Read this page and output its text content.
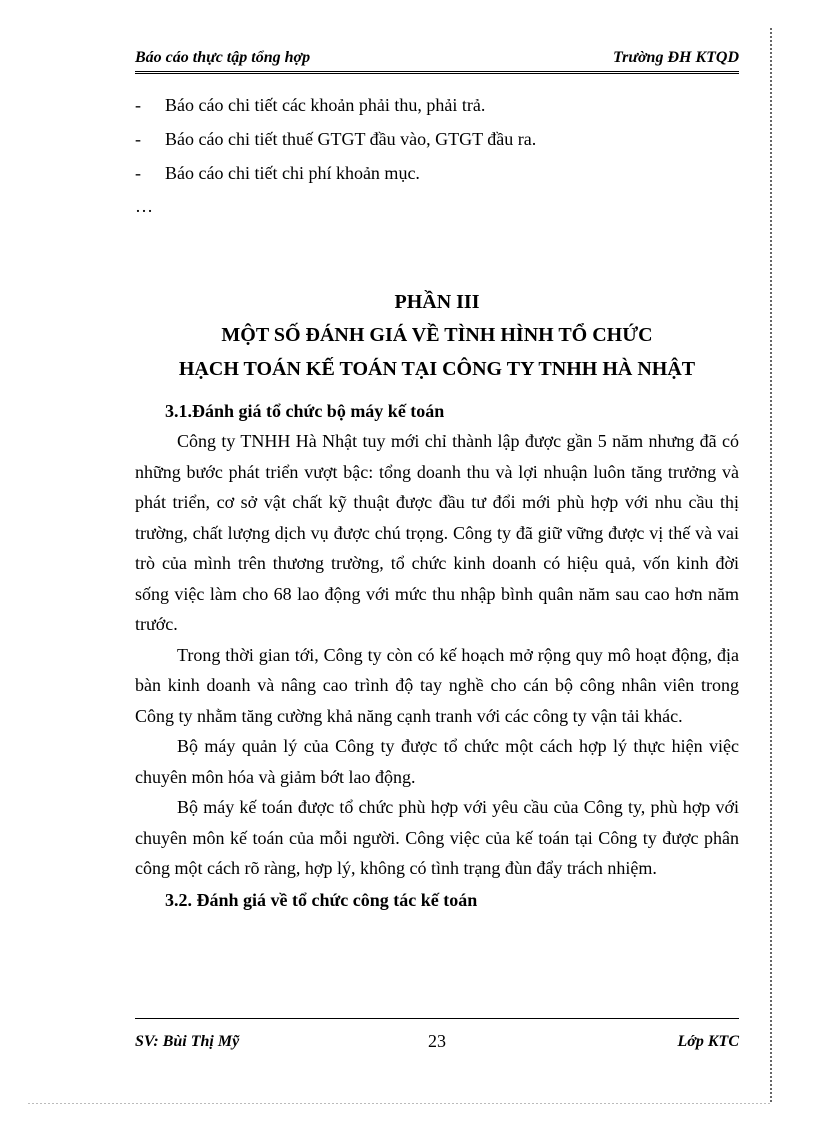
Báo cáo thực tập tổng hợp	Trường ĐH KTQD
- Báo cáo chi tiết các khoản phải thu, phải trả.
- Báo cáo chi tiết thuế GTGT đầu vào, GTGT đầu ra.
- Báo cáo chi tiết chi phí khoản mục.
…
PHẦN III
MỘT SỐ ĐÁNH GIÁ VỀ TÌNH HÌNH TỔ CHỨC
HẠCH TOÁN KẾ TOÁN TẠI CÔNG TY TNHH HÀ NHẬT
3.1.Đánh giá tổ chức bộ máy kế toán

Công ty TNHH Hà Nhật tuy mới chỉ thành lập được gần 5 năm nhưng đã có những bước phát triển vượt bậc: tổng doanh thu và lợi nhuận luôn tăng trưởng và phát triển, cơ sở vật chất kỹ thuật được đầu tư đổi mới phù hợp với nhu cầu thị trường, chất lượng dịch vụ được chú trọng. Công ty đã giữ vững được vị thế và vai trò của mình trên thương trường, tổ chức kinh doanh có hiệu quả, vốn kinh đời sống việc làm cho 68 lao động với mức thu nhập bình quân năm sau cao hơn năm trước.

Trong thời gian tới, Công ty còn có kế hoạch mở rộng quy mô hoạt động, địa bàn kinh doanh và nâng cao trình độ tay nghề cho cán bộ công nhân viên trong Công ty nhằm tăng cường khả năng cạnh tranh với các công ty vận tải khác.

Bộ máy quản lý của Công ty được tổ chức một cách hợp lý thực hiện việc chuyên môn hóa và giảm bớt lao động.

Bộ máy kế toán được tổ chức phù hợp với yêu cầu của Công ty, phù hợp với chuyên môn kế toán của mỗi người. Công việc của kế toán tại Công ty được phân công một cách rõ ràng, hợp lý, không có tình trạng đùn đẩy trách nhiệm.

3.2. Đánh giá về tổ chức công tác kế toán
SV: Bùi Thị Mỹ	23	Lớp KTC
